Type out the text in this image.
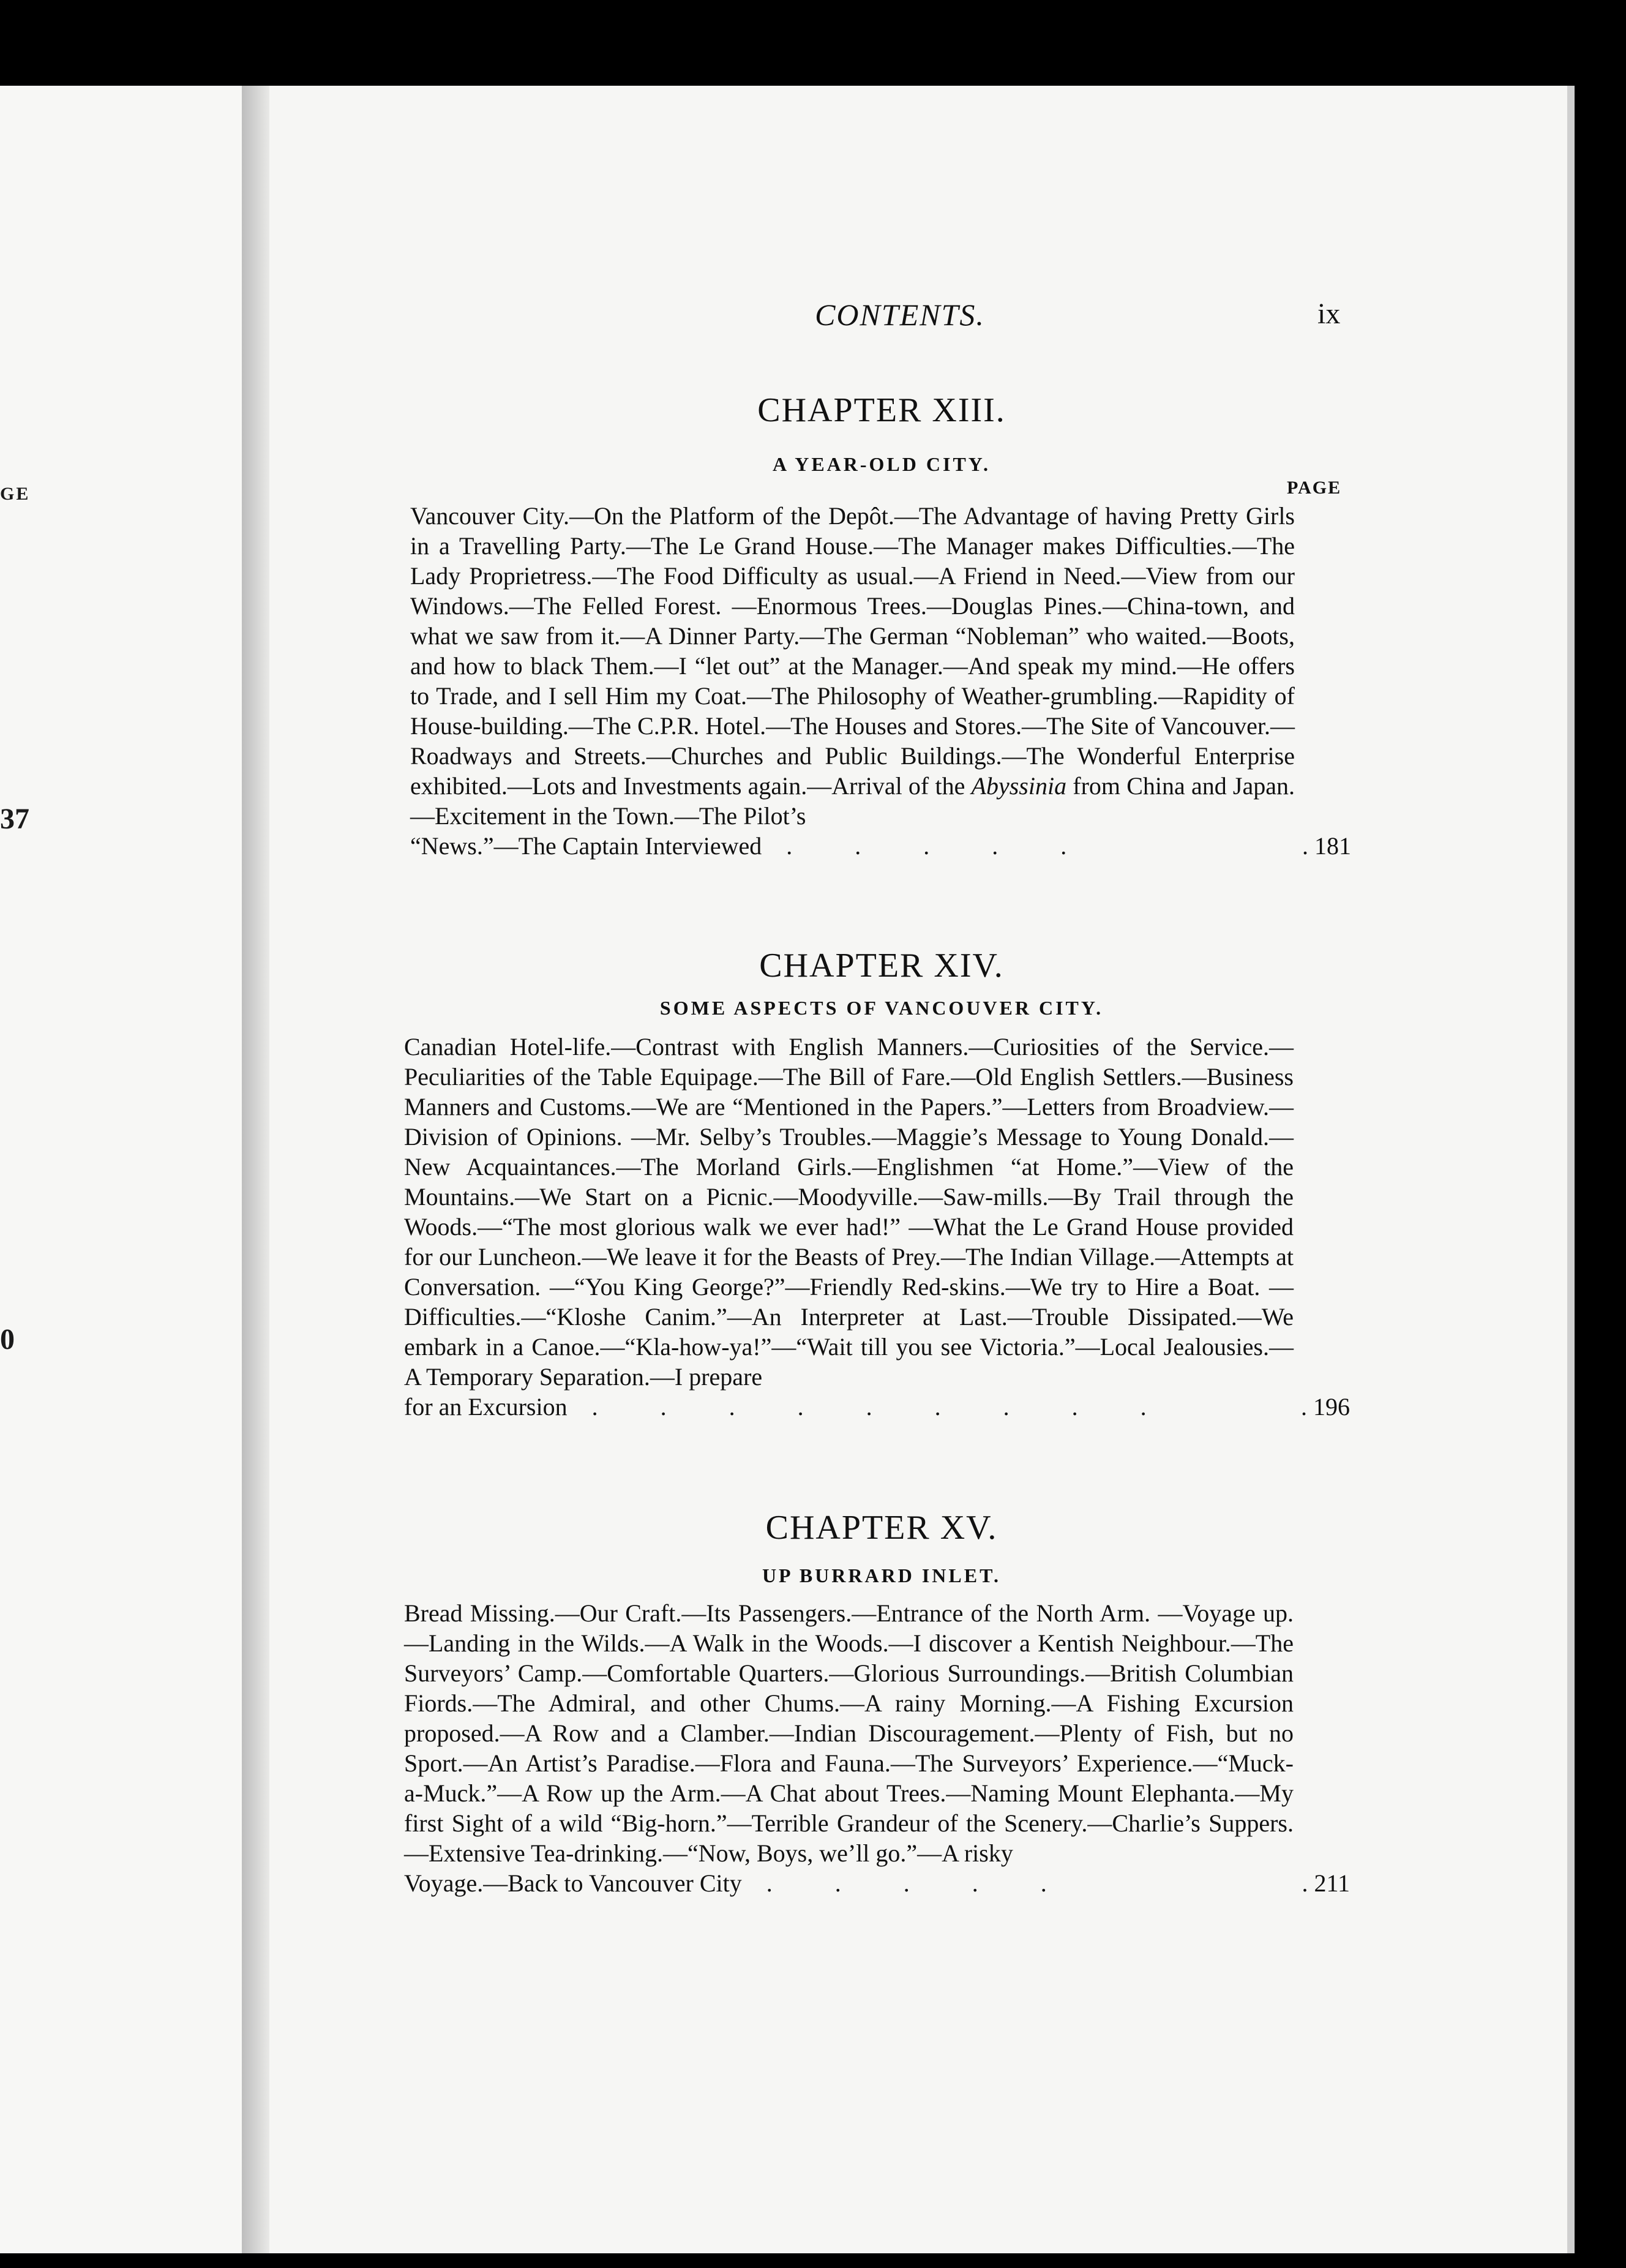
GE
37
0
CONTENTS.	ix
CHAPTER XIII.
A YEAR-OLD CITY.
PAGE
Vancouver City.—On the Platform of the Depôt.—The Advantage of having Pretty Girls in a Travelling Party.—The Le Grand House.—The Manager makes Difficulties.—The Lady Proprietress.—The Food Difficulty as usual.—A Friend in Need.—View from our Windows.—The Felled Forest. —Enormous Trees.—Douglas Pines.—China-town, and what we saw from it.—A Dinner Party.—The German “Nobleman” who waited.—Boots, and how to black Them.—I “let out” at the Manager.—And speak my mind.—He offers to Trade, and I sell Him my Coat.—The Philosophy of Weather-grumbling.—Rapidity of House-building.—The C.P.R. Hotel.—The Houses and Stores.—The Site of Vancouver.—Roadways and Streets.—Churches and Public Buildings.—The Wonderful Enterprise exhibited.—Lots and Investments again.—Arrival of the Abyssinia from China and Japan.—Excitement in the Town.—The Pilot’s
“News.”—The Captain Interviewed	. . . . .	. 181
CHAPTER XIV.
SOME ASPECTS OF VANCOUVER CITY.
Canadian Hotel-life.—Contrast with English Manners.—Curiosities of the Service.—Peculiarities of the Table Equipage.—The Bill of Fare.—Old English Settlers.—Business Manners and Customs.—We are “Mentioned in the Papers.”—Letters from Broadview.—Division of Opinions. —Mr. Selby’s Troubles.—Maggie’s Message to Young Donald.—New Acquaintances.—The Morland Girls.—Englishmen “at Home.”—View of the Mountains.—We Start on a Picnic.—Moodyville.—Saw-mills.—By Trail through the Woods.—“The most glorious walk we ever had!” —What the Le Grand House provided for our Luncheon.—We leave it for the Beasts of Prey.—The Indian Village.—Attempts at Conversation. —“You King George?”—Friendly Red-skins.—We try to Hire a Boat. —Difficulties.—“Kloshe Canim.”—An Interpreter at Last.—Trouble Dissipated.—We embark in a Canoe.—“Kla-how-ya!”—“Wait till you see Victoria.”—Local Jealousies.—A Temporary Separation.—I prepare
for an Excursion	. . . . . . . . .	. 196
CHAPTER XV.
UP BURRARD INLET.
Bread Missing.—Our Craft.—Its Passengers.—Entrance of the North Arm. —Voyage up.—Landing in the Wilds.—A Walk in the Woods.—I discover a Kentish Neighbour.—The Surveyors’ Camp.—Comfortable Quarters.—Glorious Surroundings.—British Columbian Fiords.—The Admiral, and other Chums.—A rainy Morning.—A Fishing Excursion proposed.—A Row and a Clamber.—Indian Discouragement.—Plenty of Fish, but no Sport.—An Artist’s Paradise.—Flora and Fauna.—The Surveyors’ Experience.—“Muck-a-Muck.”—A Row up the Arm.—A Chat about Trees.—Naming Mount Elephanta.—My first Sight of a wild “Big-horn.”—Terrible Grandeur of the Scenery.—Charlie’s Suppers.—Extensive Tea-drinking.—“Now, Boys, we’ll go.”—A risky
Voyage.—Back to Vancouver City	. . . . .	. 211
